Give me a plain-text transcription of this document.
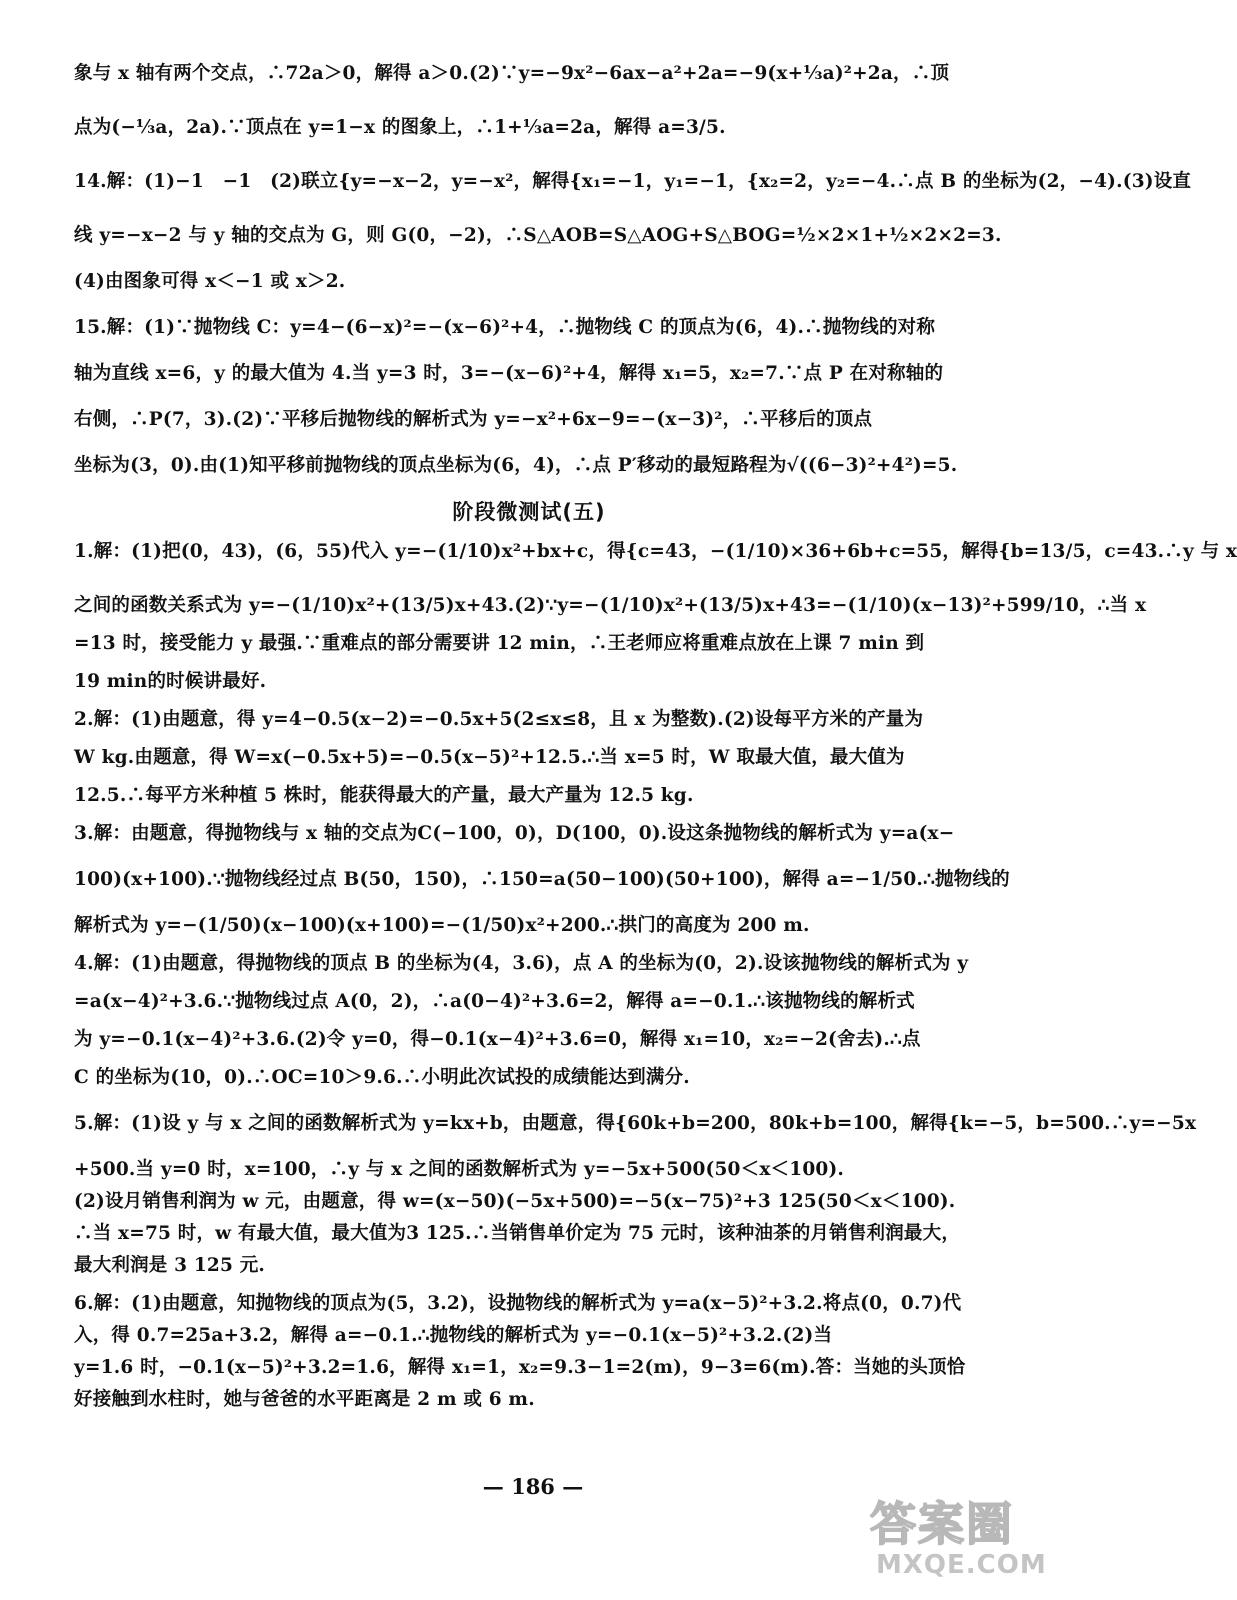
象与 x 轴有两个交点，∴72a＞0，解得 a＞0.(2)∵y=−9x²−6ax−a²+2a=−9(x+⅓a)²+2a，∴顶
点为(−⅓a，2a).∵顶点在 y=1−x 的图象上，∴1+⅓a=2a，解得 a=3/5.
14.解：(1)−1　−1　(2)联立{y=−x−2，y=−x²，解得{x₁=−1，y₁=−1，{x₂=2，y₂=−4.∴点 B 的坐标为(2，−4).(3)设直
线 y=−x−2 与 y 轴的交点为 G，则 G(0，−2)，∴S△AOB=S△AOG+S△BOG=½×2×1+½×2×2=3.
(4)由图象可得 x＜−1 或 x＞2.
15.解：(1)∵抛物线 C：y=4−(6−x)²=−(x−6)²+4，∴抛物线 C 的顶点为(6，4).∴抛物线的对称
轴为直线 x=6，y 的最大值为 4.当 y=3 时，3=−(x−6)²+4，解得 x₁=5，x₂=7.∵点 P 在对称轴的
右侧，∴P(7，3).(2)∵平移后抛物线的解析式为 y=−x²+6x−9=−(x−3)²，∴平移后的顶点
坐标为(3，0).由(1)知平移前抛物线的顶点坐标为(6，4)，∴点 P′移动的最短路程为√((6−3)²+4²)=5.
阶段微测试(五)
1.解：(1)把(0，43)，(6，55)代入 y=−(1/10)x²+bx+c，得{c=43，−(1/10)×36+6b+c=55，解得{b=13/5，c=43.∴y 与 x
之间的函数关系式为 y=−(1/10)x²+(13/5)x+43.(2)∵y=−(1/10)x²+(13/5)x+43=−(1/10)(x−13)²+599/10，∴当 x
=13 时，接受能力 y 最强.∵重难点的部分需要讲 12 min，∴王老师应将重难点放在上课 7 min 到
19 min的时候讲最好.
2.解：(1)由题意，得 y=4−0.5(x−2)=−0.5x+5(2≤x≤8，且 x 为整数).(2)设每平方米的产量为
W kg.由题意，得 W=x(−0.5x+5)=−0.5(x−5)²+12.5.∴当 x=5 时，W 取最大值，最大值为
12.5.∴每平方米种植 5 株时，能获得最大的产量，最大产量为 12.5 kg.
3.解：由题意，得抛物线与 x 轴的交点为C(−100，0)，D(100，0).设这条抛物线的解析式为 y=a(x−
100)(x+100).∵抛物线经过点 B(50，150)，∴150=a(50−100)(50+100)，解得 a=−1/50.∴抛物线的
解析式为 y=−(1/50)(x−100)(x+100)=−(1/50)x²+200.∴拱门的高度为 200 m.
4.解：(1)由题意，得抛物线的顶点 B 的坐标为(4，3.6)，点 A 的坐标为(0，2).设该抛物线的解析式为 y
=a(x−4)²+3.6.∵抛物线过点 A(0，2)，∴a(0−4)²+3.6=2，解得 a=−0.1.∴该抛物线的解析式
为 y=−0.1(x−4)²+3.6.(2)令 y=0，得−0.1(x−4)²+3.6=0，解得 x₁=10，x₂=−2(舍去).∴点
C 的坐标为(10，0).∴OC=10＞9.6.∴小明此次试投的成绩能达到满分.
5.解：(1)设 y 与 x 之间的函数解析式为 y=kx+b，由题意，得{60k+b=200，80k+b=100，解得{k=−5，b=500.∴y=−5x
+500.当 y=0 时，x=100，∴y 与 x 之间的函数解析式为 y=−5x+500(50＜x＜100).
(2)设月销售利润为 w 元，由题意，得 w=(x−50)(−5x+500)=−5(x−75)²+3 125(50＜x＜100).
∴当 x=75 时，w 有最大值，最大值为3 125.∴当销售单价定为 75 元时，该种油茶的月销售利润最大，
最大利润是 3 125 元.
6.解：(1)由题意，知抛物线的顶点为(5，3.2)，设抛物线的解析式为 y=a(x−5)²+3.2.将点(0，0.7)代
入，得 0.7=25a+3.2，解得 a=−0.1.∴抛物线的解析式为 y=−0.1(x−5)²+3.2.(2)当
y=1.6 时，−0.1(x−5)²+3.2=1.6，解得 x₁=1，x₂=9.3−1=2(m)，9−3=6(m).答：当她的头顶恰
好接触到水柱时，她与爸爸的水平距离是 2 m 或 6 m.
— 186 —
答案圈
MXQE.COM
